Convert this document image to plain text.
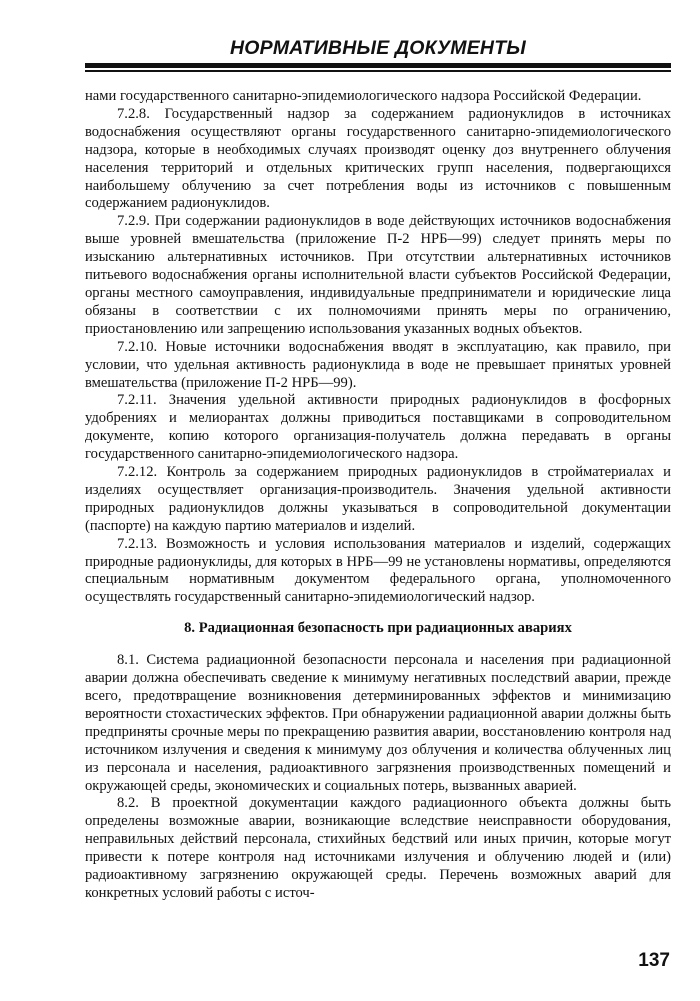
НОРМАТИВНЫЕ ДОКУМЕНТЫ

нами государственного санитарно-эпидемиологического надзора Российской Федерации.

7.2.8. Государственный надзор за содержанием радионуклидов в источниках водоснабжения осуществляют органы государственного санитарно-эпидемиологического надзора, которые в необходимых случаях производят оценку доз внутреннего облучения населения территорий и отдельных критических групп населения, подвергающихся наибольшему облучению за счет потребления воды из источников с повышенным содержанием радионуклидов.

7.2.9. При содержании радионуклидов в воде действующих источников водоснабжения выше уровней вмешательства (приложение П-2 НРБ—99) следует принять меры по изысканию альтернативных источников. При отсутствии альтернативных источников питьевого водоснабжения органы исполнительной власти субъектов Российской Федерации, органы местного самоуправления, индивидуальные предприниматели и юридические лица обязаны в соответствии с их полномочиями принять меры по ограничению, приостановлению или запрещению использования указанных водных объектов.

7.2.10. Новые источники водоснабжения вводят в эксплуатацию, как правило, при условии, что удельная активность радионуклида в воде не превышает принятых уровней вмешательства (приложение П-2 НРБ—99).

7.2.11. Значения удельной активности природных радионуклидов в фосфорных удобрениях и мелиорантах должны приводиться поставщиками в сопроводительном документе, копию которого организация-получатель должна передавать в органы государственного санитарно-эпидемиологического надзора.

7.2.12. Контроль за содержанием природных радионуклидов в стройматериалах и изделиях осуществляет организация-производитель. Значения удельной активности природных радионуклидов должны указываться в сопроводительной документации (паспорте) на каждую партию материалов и изделий.

7.2.13. Возможность и условия использования материалов и изделий, содержащих природные радионуклиды, для которых в НРБ—99 не установлены нормативы, определяются специальным нормативным документом федерального органа, уполномоченного осуществлять государственный санитарно-эпидемиологический надзор.

8. Радиационная безопасность при радиационных авариях

8.1. Система радиационной безопасности персонала и населения при радиационной аварии должна обеспечивать сведение к минимуму негативных последствий аварии, прежде всего, предотвращение возникновения детерминированных эффектов и минимизацию вероятности стохастических эффектов. При обнаружении радиационной аварии должны быть предприняты срочные меры по прекращению развития аварии, восстановлению контроля над источником излучения и сведения к минимуму доз облучения и количества облученных лиц из персонала и населения, радиоактивного загрязнения производственных помещений и окружающей среды, экономических и социальных потерь, вызванных аварией.

8.2. В проектной документации каждого радиационного объекта должны быть определены возможные аварии, возникающие вследствие неисправности оборудования, неправильных действий персонала, стихийных бедствий или иных причин, которые могут привести к потере контроля над источниками излучения и облучению людей и (или) радиоактивному загрязнению окружающей среды. Перечень возможных аварий для конкретных условий работы с источ-

137
